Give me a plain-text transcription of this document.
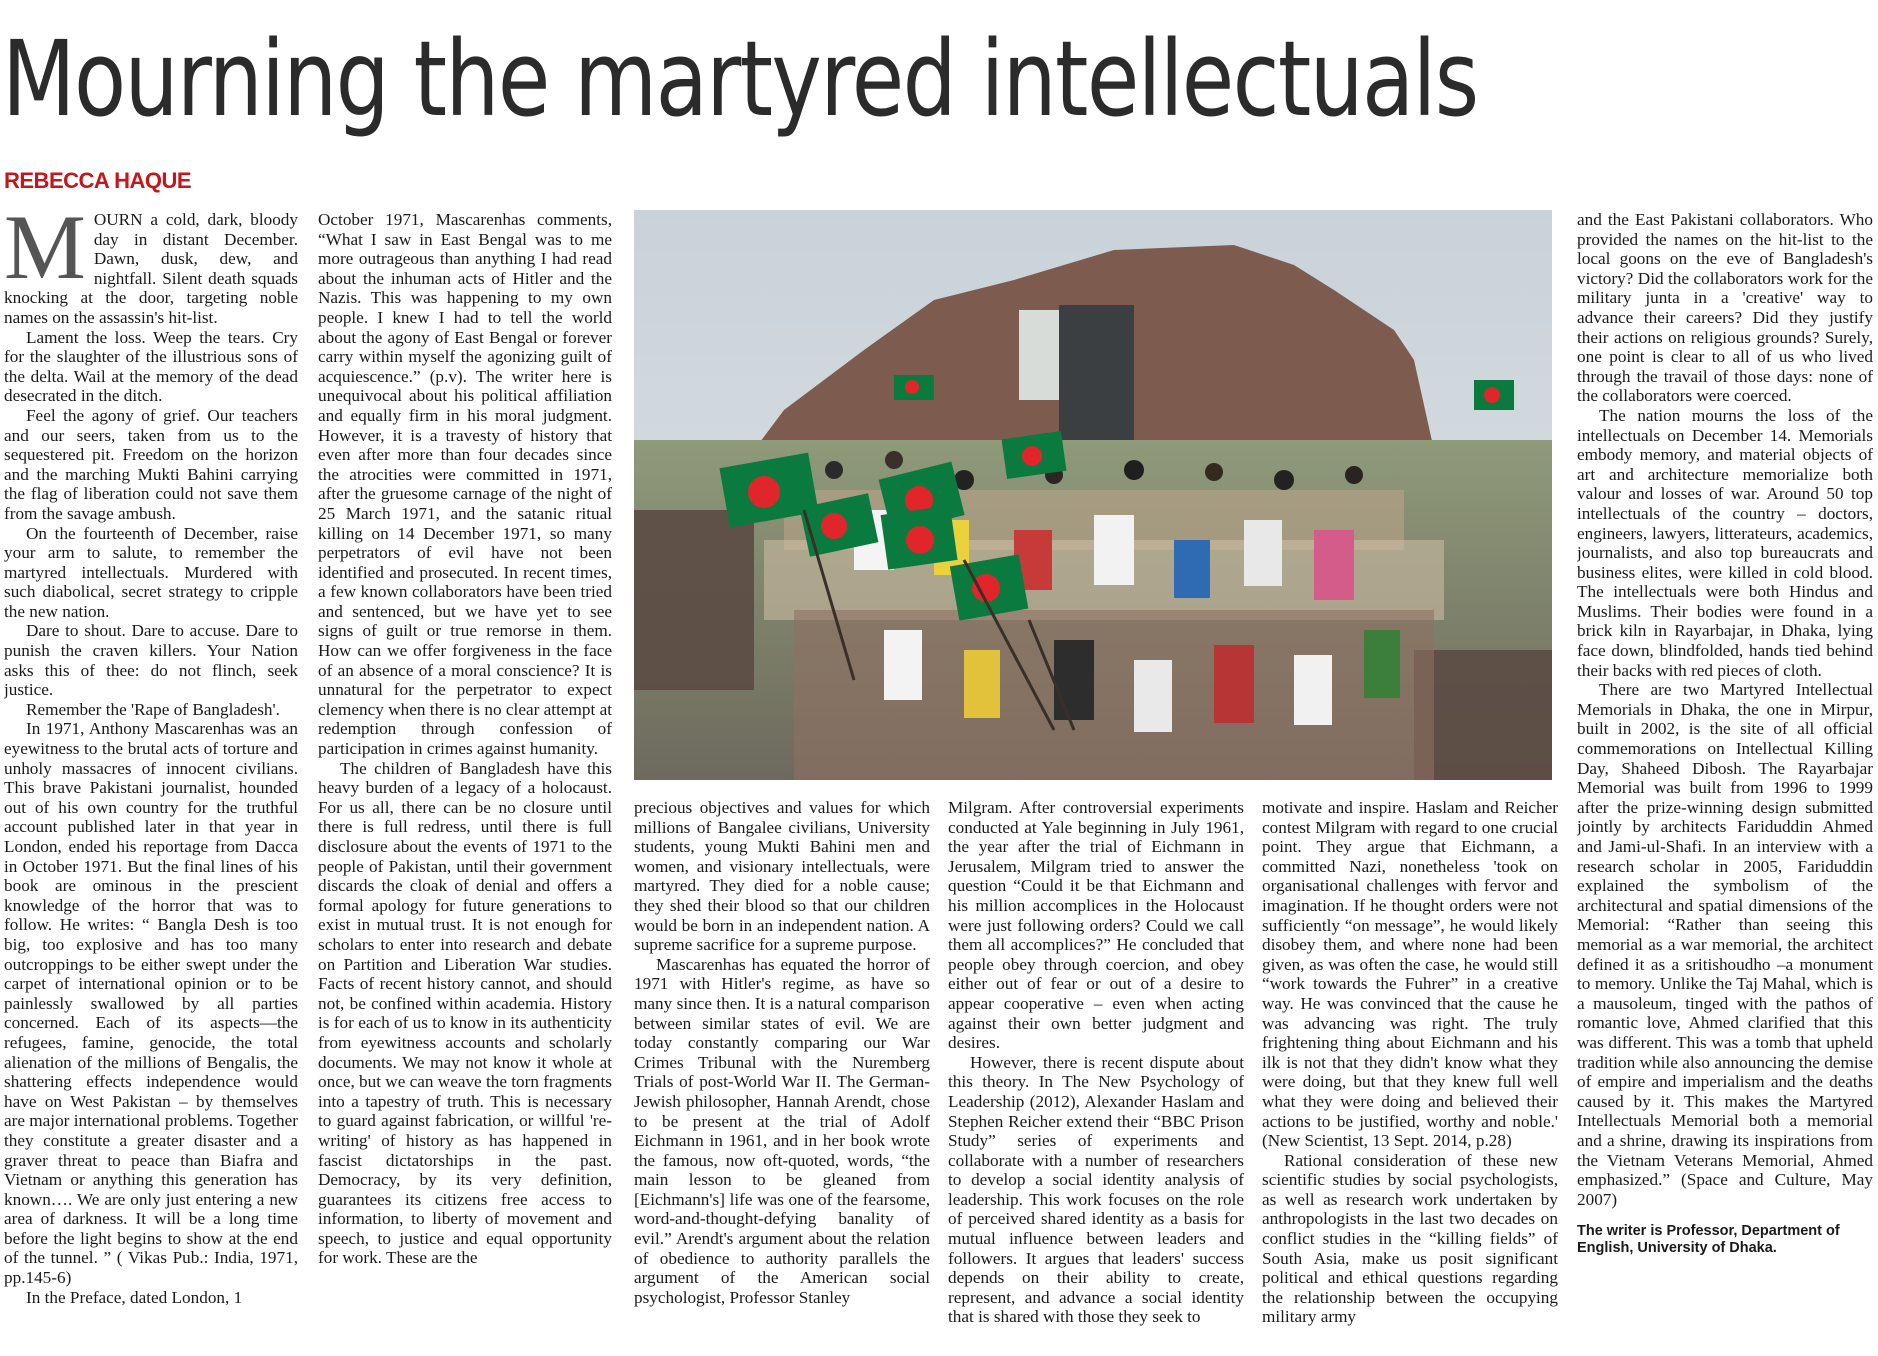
Mourning the martyred intellectuals
REBECCA HAQUE
M OURN a cold, dark, bloody day in distant December. Dawn, dusk, dew, and nightfall. Silent death squads knocking at the door, targeting noble names on the assassin's hit-list.

Lament the loss. Weep the tears. Cry for the slaughter of the illustrious sons of the delta. Wail at the memory of the dead desecrated in the ditch.

Feel the agony of grief. Our teachers and our seers, taken from us to the sequestered pit. Freedom on the horizon and the marching Mukti Bahini carrying the flag of liberation could not save them from the savage ambush.

On the fourteenth of December, raise your arm to salute, to remember the martyred intellectuals. Murdered with such diabolical, secret strategy to cripple the new nation.

Dare to shout. Dare to accuse. Dare to punish the craven killers. Your Nation asks this of thee: do not flinch, seek justice.

Remember the 'Rape of Bangladesh'.

In 1971, Anthony Mascarenhas was an eyewitness to the brutal acts of torture and unholy massacres of innocent civilians. This brave Pakistani journalist, hounded out of his own country for the truthful account published later in that year in London, ended his reportage from Dacca in October 1971. But the final lines of his book are ominous in the prescient knowledge of the horror that was to follow. He writes: “ Bangla Desh is too big, too explosive and has too many outcroppings to be either swept under the carpet of international opinion or to be painlessly swallowed by all parties concerned. Each of its aspects—the refugees, famine, genocide, the total alienation of the millions of Bengalis, the shattering effects independence would have on West Pakistan – by themselves are major international problems. Together they constitute a greater disaster and a graver threat to peace than Biafra and Vietnam or anything this generation has known…. We are only just entering a new area of darkness. It will be a long time before the light begins to show at the end of the tunnel. ” ( Vikas Pub.: India, 1971, pp.145-6)

In the Preface, dated London, 1

October 1971, Mascarenhas comments, “What I saw in East Bengal was to me more outrageous than anything I had read about the inhuman acts of Hitler and the Nazis. This was happening to my own people. I knew I had to tell the world about the agony of East Bengal or forever carry within myself the agonizing guilt of acquiescence.” (p.v). The writer here is unequivocal about his political affiliation and equally firm in his moral judgment. However, it is a travesty of history that even after more than four decades since the atrocities were committed in 1971, after the gruesome carnage of the night of 25 March 1971, and the satanic ritual killing on 14 December 1971, so many perpetrators of evil have not been identified and prosecuted. In recent times, a few known collaborators have been tried and sentenced, but we have yet to see signs of guilt or true remorse in them. How can we offer forgiveness in the face of an absence of a moral conscience? It is unnatural for the perpetrator to expect clemency when there is no clear attempt at redemption through confession of participation in crimes against humanity.

The children of Bangladesh have this heavy burden of a legacy of a holocaust. For us all, there can be no closure until there is full redress, until there is full disclosure about the events of 1971 to the people of Pakistan, until their government discards the cloak of denial and offers a formal apology for future generations to exist in mutual trust. It is not enough for scholars to enter into research and debate on Partition and Liberation War studies. Facts of recent history cannot, and should not, be confined within academia. History is for each of us to know in its authenticity from eyewitness accounts and scholarly documents. We may not know it whole at once, but we can weave the torn fragments into a tapestry of truth. This is necessary to guard against fabrication, or willful 're-writing' of history as has happened in fascist dictatorships in the past. Democracy, by its very definition, guarantees its citizens free access to information, to liberty of movement and speech, to justice and equal opportunity for work. These are the

precious objectives and values for which millions of Bangalee civilians, University students, young Mukti Bahini men and women, and visionary intellectuals, were martyred. They died for a noble cause; they shed their blood so that our children would be born in an independent nation. A supreme sacrifice for a supreme purpose.

Mascarenhas has equated the horror of 1971 with Hitler's regime, as have so many since then. It is a natural comparison between similar states of evil. We are today constantly comparing our War Crimes Tribunal with the Nuremberg Trials of post-World War II. The German-Jewish philosopher, Hannah Arendt, chose to be present at the trial of Adolf Eichmann in 1961, and in her book wrote the famous, now oft-quoted, words, “the main lesson to be gleaned from [Eichmann's] life was one of the fearsome, word-and-thought-defying banality of evil.” Arendt's argument about the relation of obedience to authority parallels the argument of the American social psychologist, Professor Stanley

Milgram. After controversial experiments conducted at Yale beginning in July 1961, the year after the trial of Eichmann in Jerusalem, Milgram tried to answer the question “Could it be that Eichmann and his million accomplices in the Holocaust were just following orders? Could we call them all accomplices?” He concluded that people obey through coercion, and obey either out of fear or out of a desire to appear cooperative – even when acting against their own better judgment and desires.

However, there is recent dispute about this theory. In The New Psychology of Leadership (2012), Alexander Haslam and Stephen Reicher extend their “BBC Prison Study” series of experiments and collaborate with a number of researchers to develop a social identity analysis of leadership. This work focuses on the role of perceived shared identity as a basis for mutual influence between leaders and followers. It argues that leaders' success depends on their ability to create, represent, and advance a social identity that is shared with those they seek to

motivate and inspire. Haslam and Reicher contest Milgram with regard to one crucial point. They argue that Eichmann, a committed Nazi, nonetheless 'took on organisational challenges with fervor and imagination. If he thought orders were not sufficiently “on message”, he would likely disobey them, and where none had been given, as was often the case, he would still “work towards the Fuhrer” in a creative way. He was convinced that the cause he was advancing was right. The truly frightening thing about Eichmann and his ilk is not that they didn't know what they were doing, but that they knew full well what they were doing and believed their actions to be justified, worthy and noble.' (New Scientist, 13 Sept. 2014, p.28)

Rational consideration of these new scientific studies by social psychologists, as well as research work undertaken by anthropologists in the last two decades on conflict studies in the “killing fields” of South Asia, make us posit significant political and ethical questions regarding the relationship between the occupying military army

and the East Pakistani collaborators. Who provided the names on the hit-list to the local goons on the eve of Bangladesh's victory? Did the collaborators work for the military junta in a 'creative' way to advance their careers? Did they justify their actions on religious grounds? Surely, one point is clear to all of us who lived through the travail of those days: none of the collaborators were coerced.

The nation mourns the loss of the intellectuals on December 14. Memorials embody memory, and material objects of art and architecture memorialize both valour and losses of war. Around 50 top intellectuals of the country – doctors, engineers, lawyers, litterateurs, academics, journalists, and also top bureaucrats and business elites, were killed in cold blood. The intellectuals were both Hindus and Muslims. Their bodies were found in a brick kiln in Rayarbajar, in Dhaka, lying face down, blindfolded, hands tied behind their backs with red pieces of cloth.

There are two Martyred Intellectual Memorials in Dhaka, the one in Mirpur, built in 2002, is the site of all official commemorations on Intellectual Killing Day, Shaheed Dibosh. The Rayarbajar Memorial was built from 1996 to 1999 after the prize-winning design submitted jointly by architects Fariduddin Ahmed and Jami-ul-Shafi. In an interview with a research scholar in 2005, Fariduddin explained the symbolism of the architectural and spatial dimensions of the Memorial: “Rather than seeing this memorial as a war memorial, the architect defined it as a sritishoudho –a monument to memory. Unlike the Taj Mahal, which is a mausoleum, tinged with the pathos of romantic love, Ahmed clarified that this was different. This was a tomb that upheld tradition while also announcing the demise of empire and imperialism and the deaths caused by it. This makes the Martyred Intellectuals Memorial both a memorial and a shrine, drawing its inspirations from the Vietnam Veterans Memorial, Ahmed emphasized.” (Space and Culture, May 2007)

The writer is Professor, Department of English, University of Dhaka.
